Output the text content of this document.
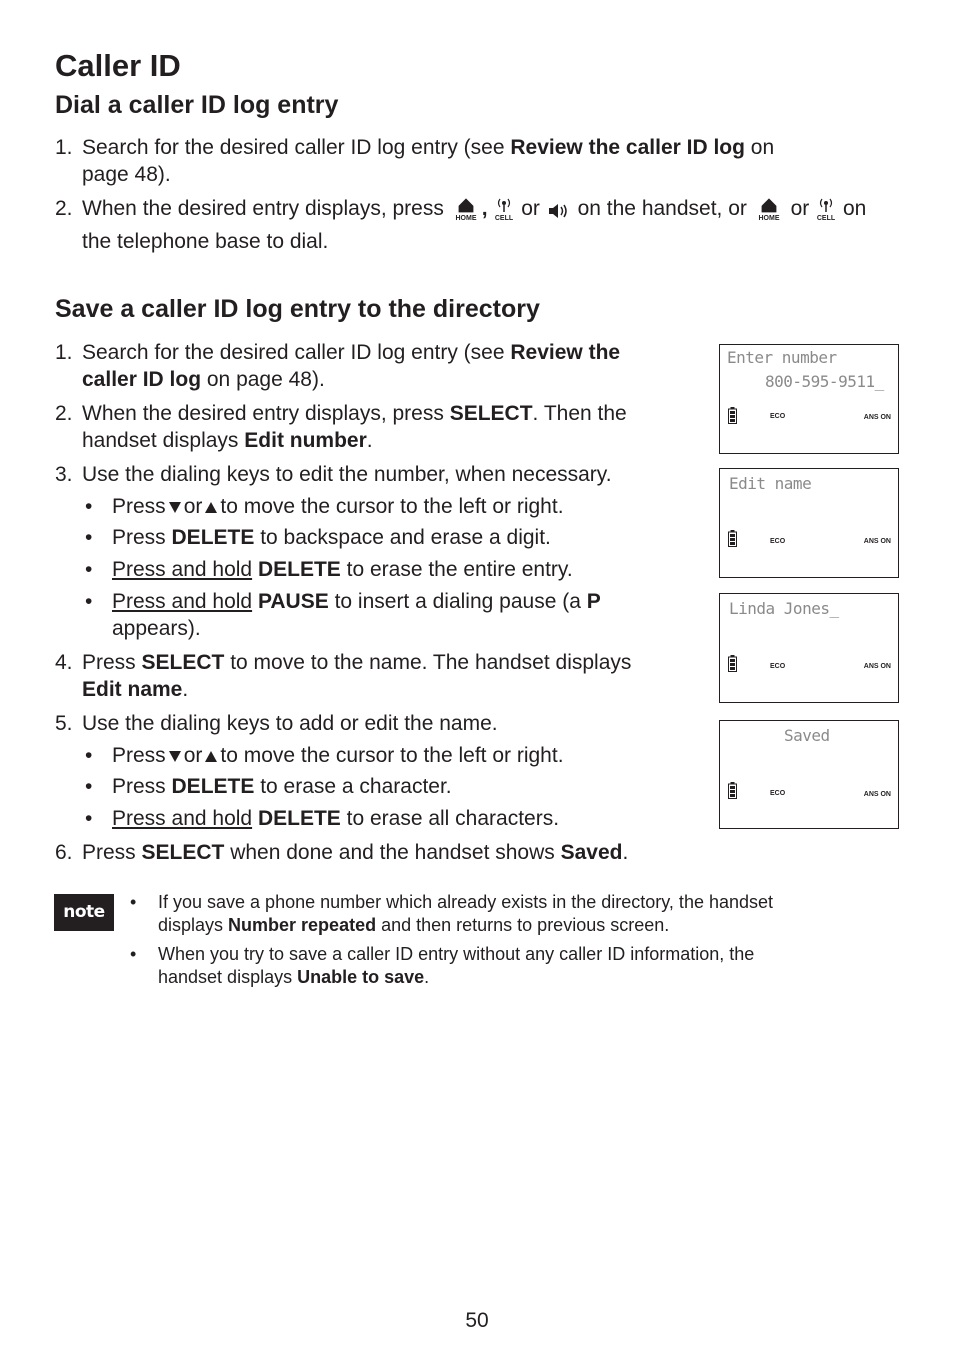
Caller ID
Dial a caller ID log entry
1. Search for the desired caller ID log entry (see Review the caller ID log on
page 48).
2. When the desired entry displays, press HOME , CELL or on the handset, or HOME or CELL on
the telephone base to dial.
Save a caller ID log entry to the directory
1. Search for the desired caller ID log entry (see Review the
caller ID log on page 48).
2. When the desired entry displays, press SELECT. Then the
handset displays Edit number.
3. Use the dialing keys to edit the number, when necessary.
• Press or to move the cursor to the left or right.
• Press DELETE to backspace and erase a digit.
• Press and hold DELETE to erase the entire entry.
• Press and hold PAUSE to insert a dialing pause (a P
appears).
4. Press SELECT to move to the name. The handset displays
Edit name.
5. Use the dialing keys to add or edit the name.
• Press or to move the cursor to the left or right.
• Press DELETE to erase a character.
• Press and hold DELETE to erase all characters.
6. Press SELECT when done and the handset shows Saved.
Enter number
800-595-9511_
ECO	ANS ON
Edit name
ECO	ANS ON
Linda Jones_
ECO	ANS ON
Saved
ECO	ANS ON
note	• If you save a phone number which already exists in the directory, the handset
displays Number repeated and then returns to previous screen.
• When you try to save a caller ID entry without any caller ID information, the
handset displays Unable to save.
50
